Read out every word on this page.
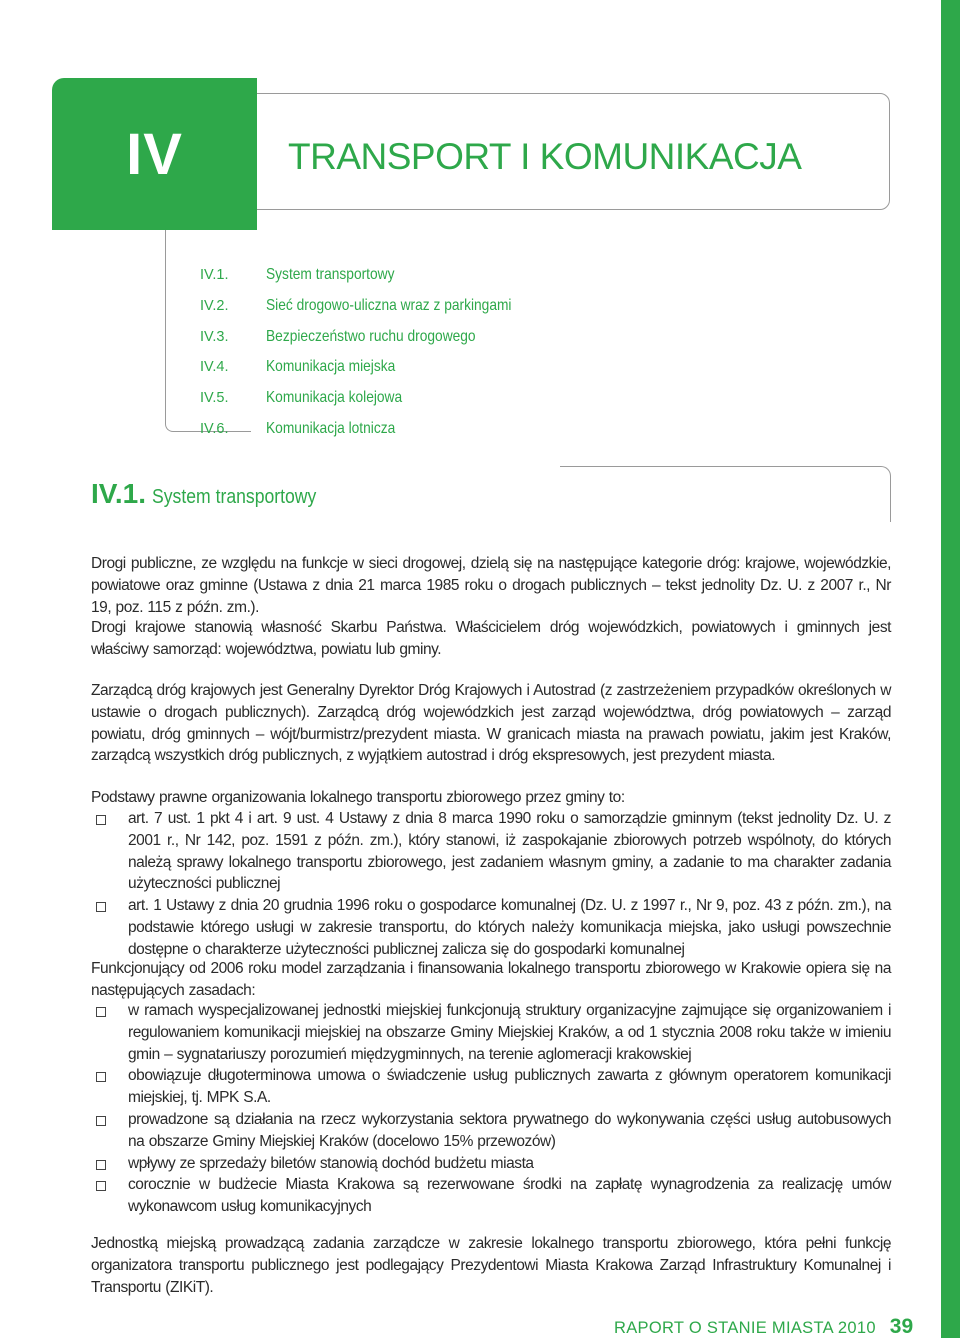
IV	TRANSPORT I KOMUNIKACJA
IV.1.	System transportowy
IV.2.	Sieć drogowo-uliczna wraz z parkingami
IV.3.	Bezpieczeństwo ruchu drogowego
IV.4.	Komunikacja miejska
IV.5.	Komunikacja kolejowa
IV.6.	Komunikacja lotnicza
IV.1. System transportowy

Drogi publiczne, ze względu na funkcje w sieci drogowej, dzielą się na następujące kategorie dróg: krajowe, wojewódzkie, powiatowe oraz gminne (Ustawa z dnia 21 marca 1985 roku o drogach publicznych – tekst jednolity Dz. U. z 2007 r., Nr 19, poz. 115 z późn. zm.).

Drogi krajowe stanowią własność Skarbu Państwa. Właścicielem dróg wojewódzkich, powiatowych i gminnych jest właściwy samorząd: województwa, powiatu lub gminy.

Zarządcą dróg krajowych jest Generalny Dyrektor Dróg Krajowych i Autostrad (z zastrzeżeniem przypadków określonych w ustawie o drogach publicznych). Zarządcą dróg wojewódzkich jest zarząd województwa, dróg powiatowych – zarząd powiatu, dróg gminnych – wójt/burmistrz/prezydent miasta. W granicach miasta na prawach powiatu, jakim jest Kraków, zarządcą wszystkich dróg publicznych, z wyjątkiem autostrad i dróg ekspresowych, jest prezydent miasta.

Podstawy prawne organizowania lokalnego transportu zbiorowego przez gminy to:

art. 7 ust. 1 pkt 4 i art. 9 ust. 4 Ustawy z dnia 8 marca 1990 roku o samorządzie gminnym (tekst jednolity Dz. U. z 2001 r., Nr 142, poz. 1591 z późn. zm.), który stanowi, iż zaspokajanie zbiorowych potrzeb wspólnoty, do których należą sprawy lokalnego transportu zbiorowego, jest zadaniem własnym gminy, a zadanie to ma charakter zadania użyteczności publicznej
art. 1 Ustawy z dnia 20 grudnia 1996 roku o gospodarce komunalnej (Dz. U. z 1997 r., Nr 9, poz. 43 z późn. zm.), na podstawie którego usługi w zakresie transportu, do których należy komunikacja miejska, jako usługi powszechnie dostępne o charakterze użyteczności publicznej zalicza się do gospodarki komunalnej

Funkcjonujący od 2006 roku model zarządzania i finansowania lokalnego transportu zbiorowego w Krakowie opiera się na następujących zasadach:

w ramach wyspecjalizowanej jednostki miejskiej funkcjonują struktury organizacyjne zajmujące się organizowaniem i regulowaniem komunikacji miejskiej na obszarze Gminy Miejskiej Kraków, a od 1 stycznia 2008 roku także w imieniu gmin – sygnatariuszy porozumień międzygminnych, na terenie aglomeracji krakowskiej
obowiązuje długoterminowa umowa o świadczenie usług publicznych zawarta z głównym operatorem komunikacji miejskiej, tj. MPK S.A.
prowadzone są działania na rzecz wykorzystania sektora prywatnego do wykonywania części usług autobusowych na obszarze Gminy Miejskiej Kraków (docelowo 15% przewozów)
wpływy ze sprzedaży biletów stanowią dochód budżetu miasta
corocznie w budżecie Miasta Krakowa są rezerwowane środki na zapłatę wynagrodzenia za realizację umów wykonawcom usług komunikacyjnych

Jednostką miejską prowadzącą zadania zarządcze w zakresie lokalnego transportu zbiorowego, która pełni funkcję organizatora transportu publicznego jest podlegający Prezydentowi Miasta Krakowa Zarząd Infrastruktury Komunalnej i Transportu (ZIKiT).

RAPORT O STANIE MIASTA 2010 39
